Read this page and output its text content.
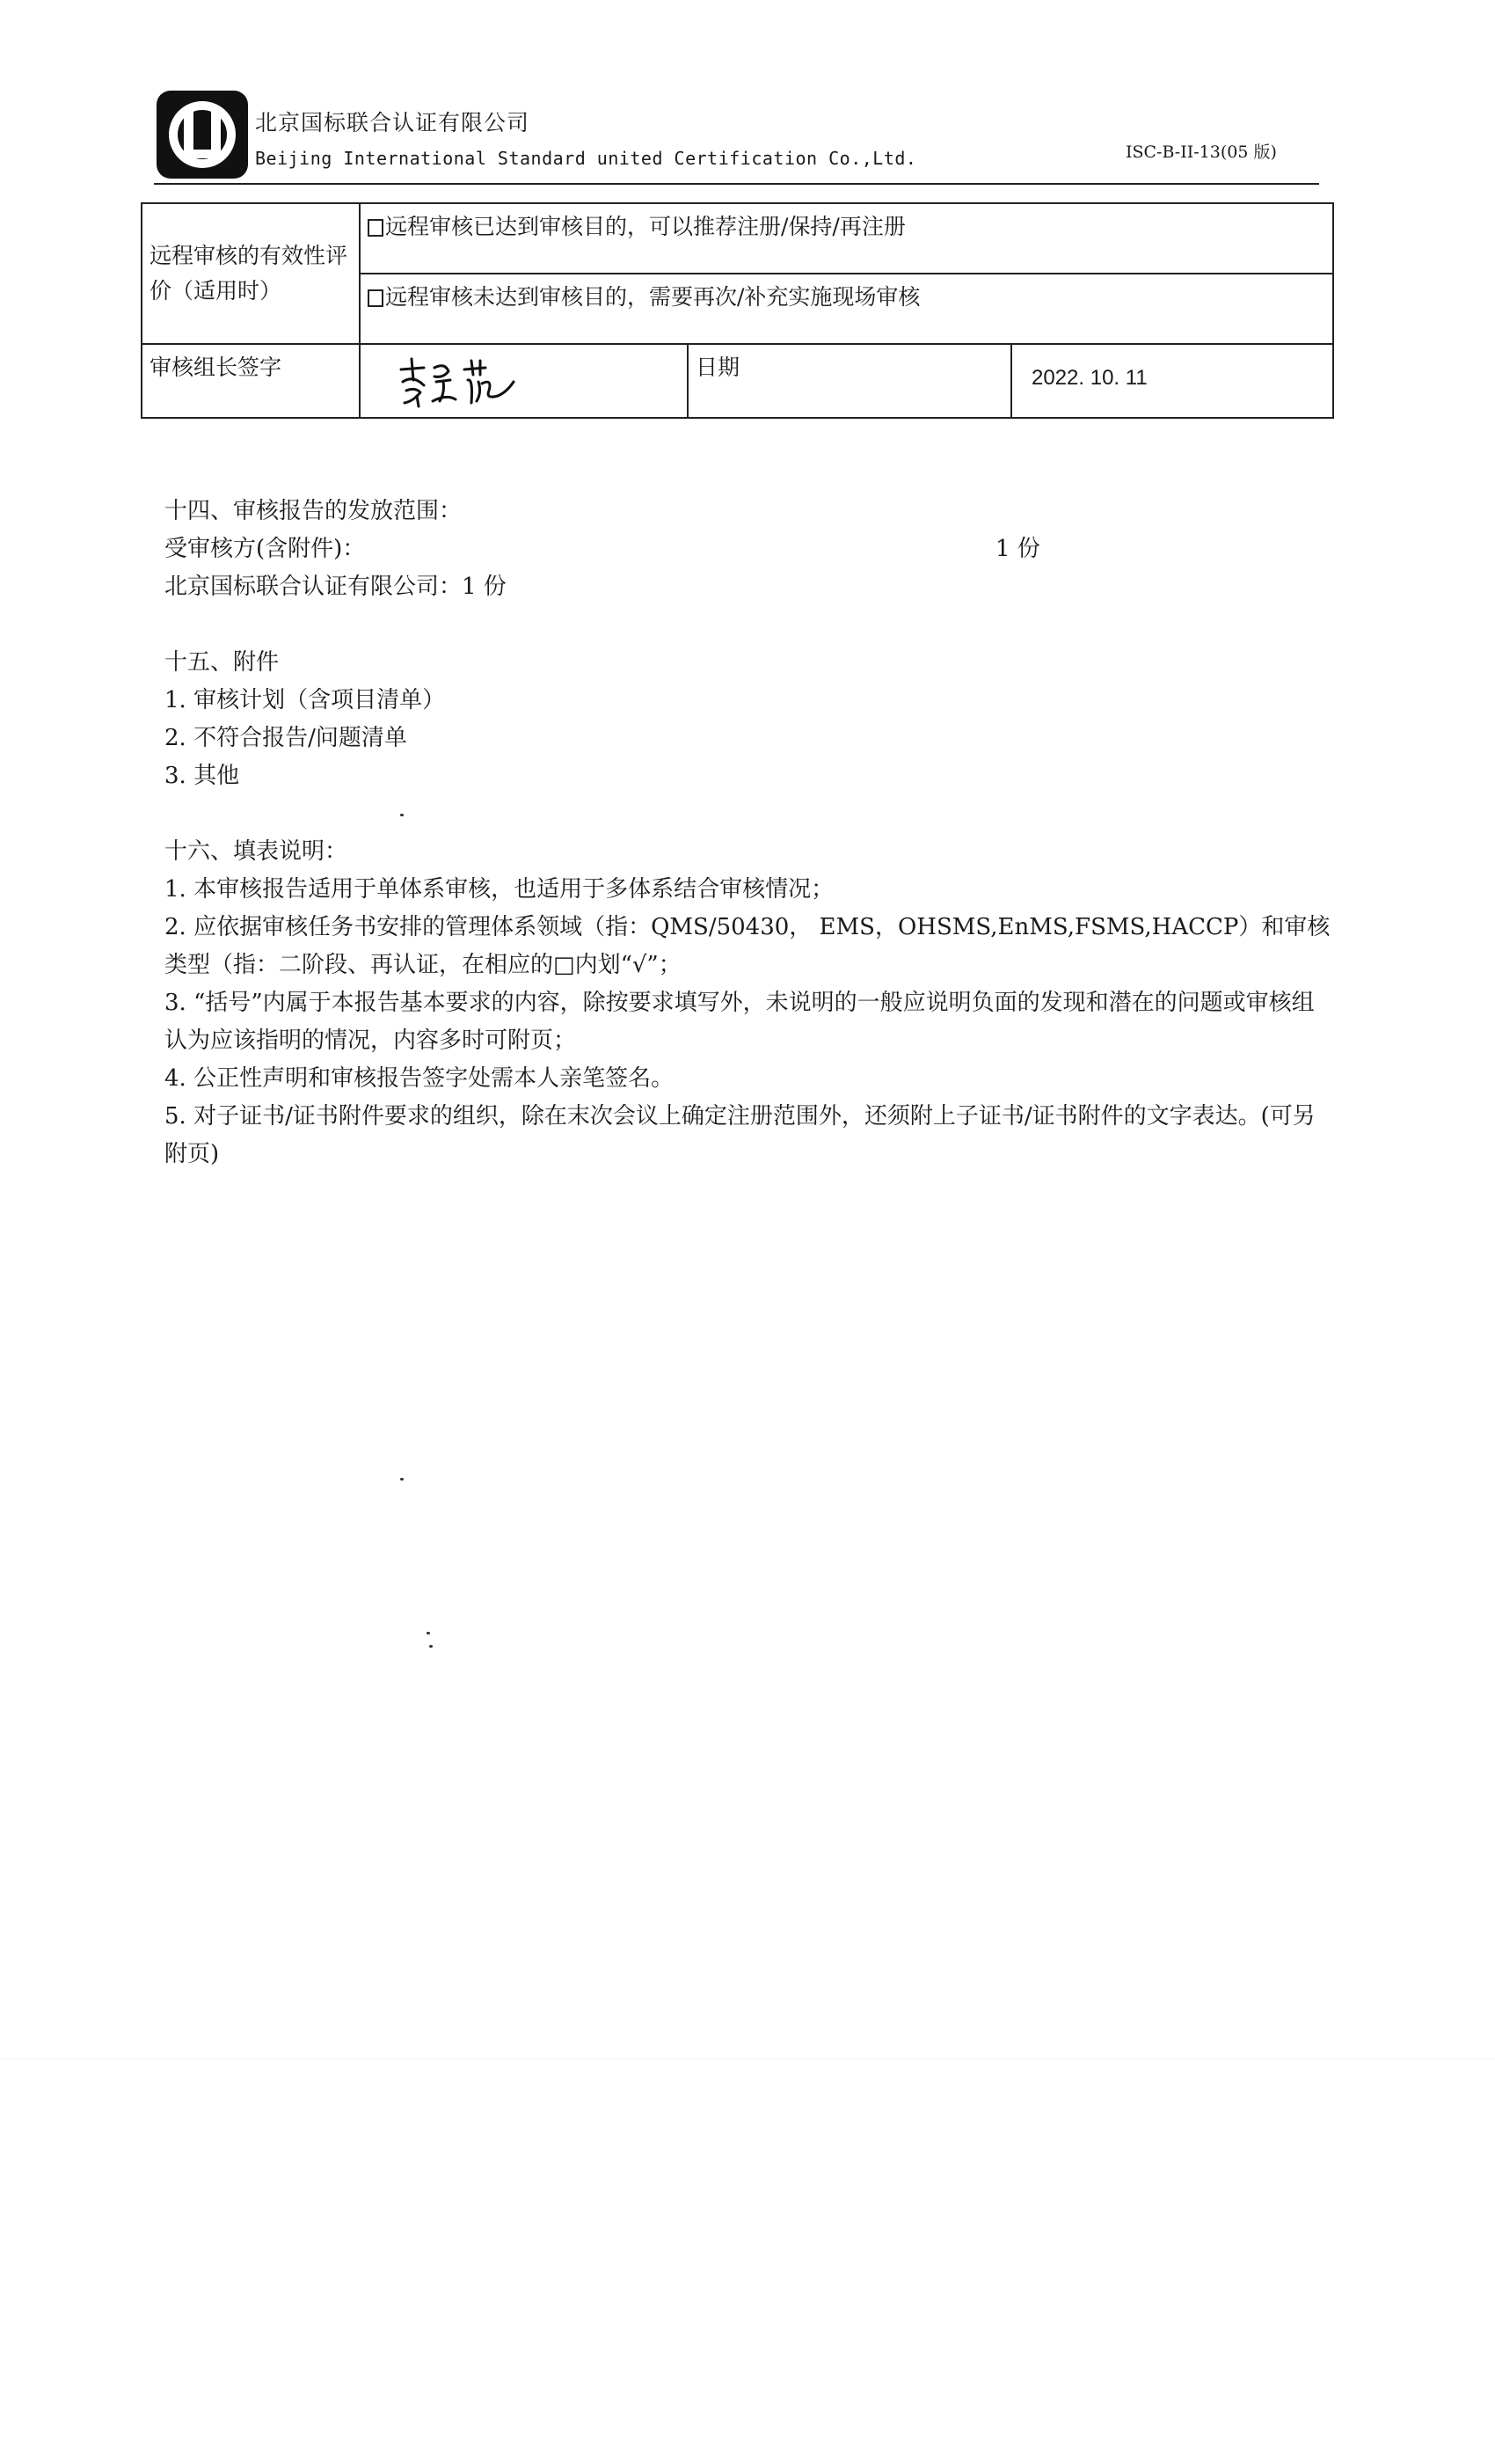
北京国标联合认证有限公司
Beijing International Standard united Certification Co.,Ltd.	ISC-B-II-13(05 版)
远程审核的有效性评价（适用时）	远程审核已达到审核目的，可以推荐注册/保持/再注册		
	远程审核未达到审核目的，需要再次/补充实施现场审核		
审核组长签字		日期	2022. 10. 11
十四、审核报告的发放范围：
受审核方(含附件)：	1 份
北京国标联合认证有限公司：1 份
十五、附件
1. 审核计划（含项目清单）
2. 不符合报告/问题清单
3. 其他
十六、填表说明：
1. 本审核报告适用于单体系审核，也适用于多体系结合审核情况；
2. 应依据审核任务书安排的管理体系领域（指：QMS/50430， EMS，OHSMS,EnMS,FSMS,HACCP）和审核类型（指：二阶段、再认证，在相应的□内划“√”；
3. “括号”内属于本报告基本要求的内容，除按要求填写外，未说明的一般应说明负面的发现和潜在的问题或审核组认为应该指明的情况，内容多时可附页；
4. 公正性声明和审核报告签字处需本人亲笔签名。
5. 对子证书/证书附件要求的组织，除在末次会议上确定注册范围外，还须附上子证书/证书附件的文字表达。(可另附页)
